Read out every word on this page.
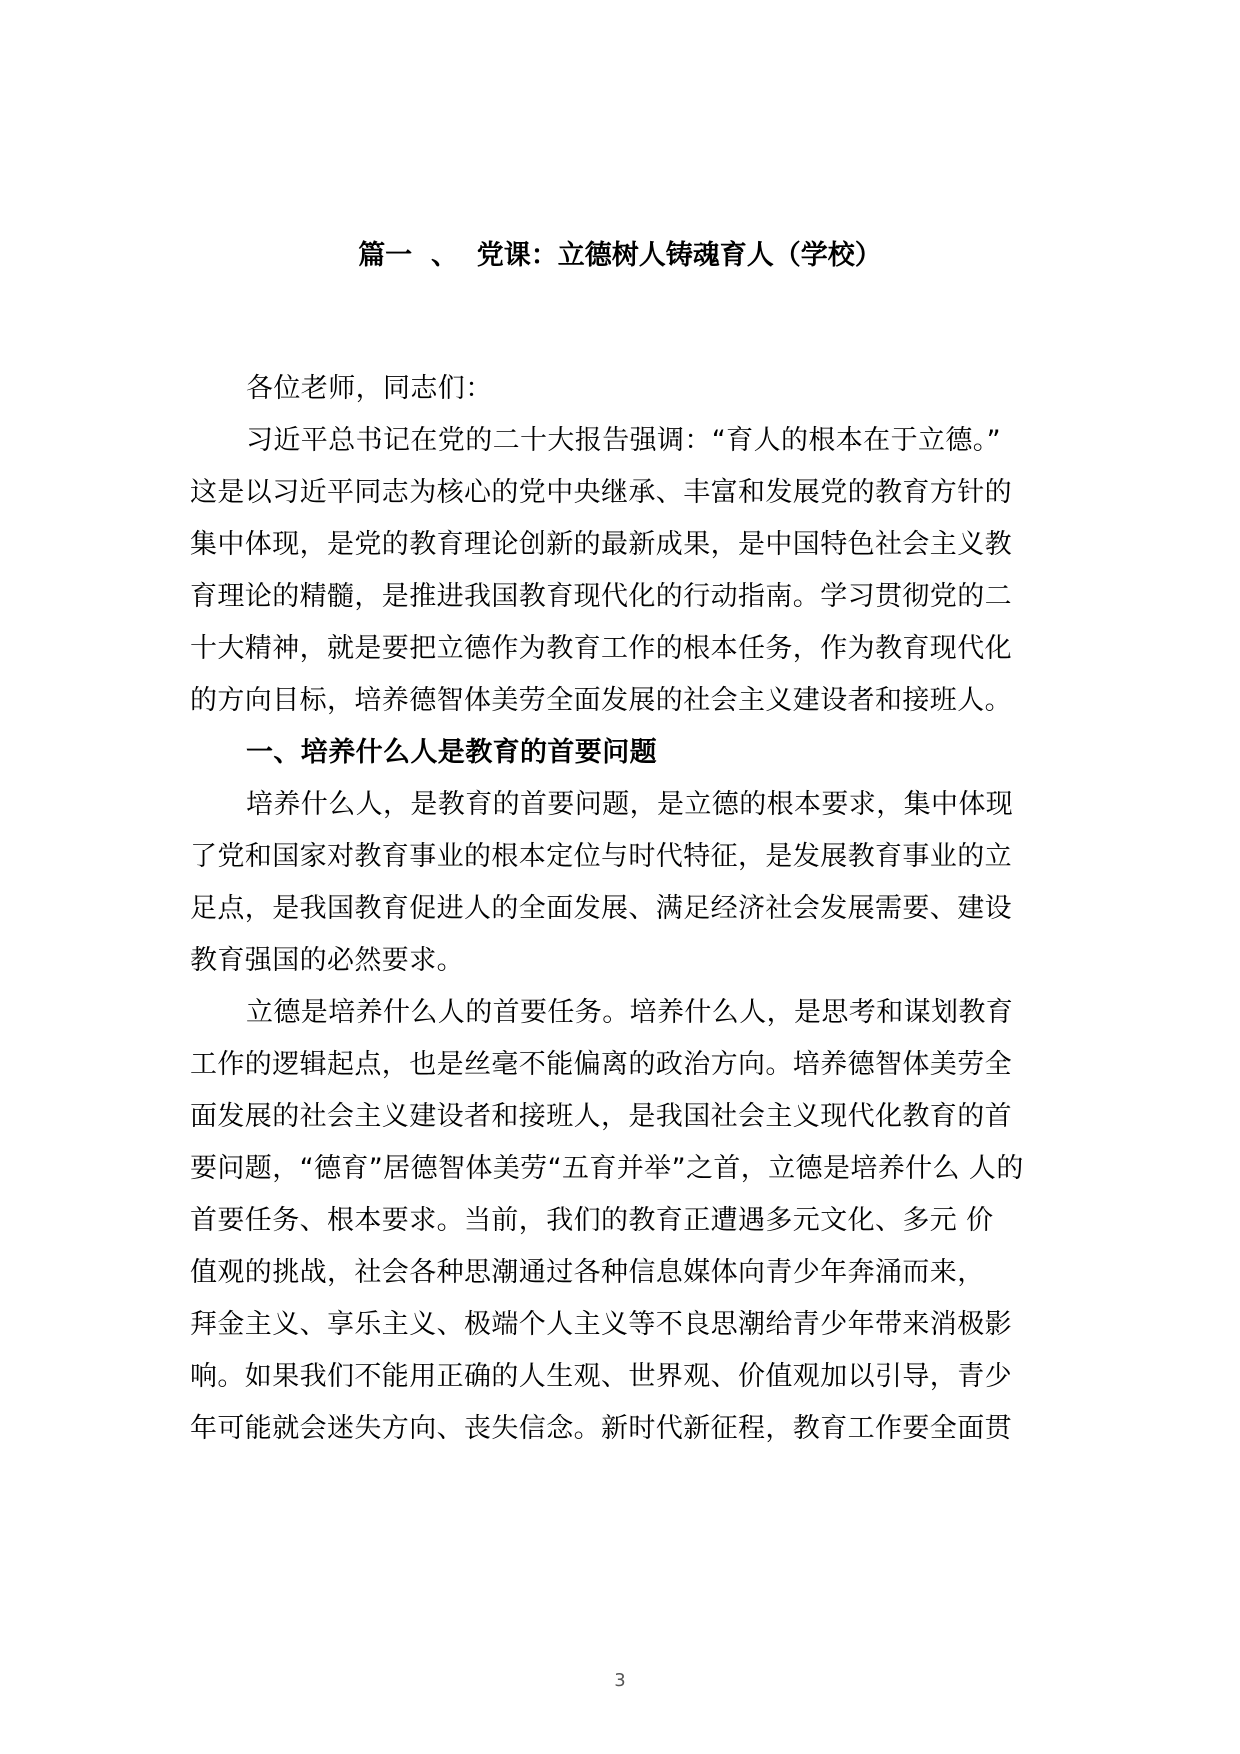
篇一  、  党课：立德树人铸魂育人（学校）
各位老师，同志们：
习近平总书记在党的二十大报告强调：“育人的根本在于立德。”
这是以习近平同志为核心的党中央继承、丰富和发展党的教育方针的
集中体现，是党的教育理论创新的最新成果，是中国特色社会主义教
育理论的精髓，是推进我国教育现代化的行动指南。学习贯彻党的二
十大精神，就是要把立德作为教育工作的根本任务，作为教育现代化
的方向目标，培养德智体美劳全面发展的社会主义建设者和接班人。
一、培养什么人是教育的首要问题
培养什么人，是教育的首要问题，是立德的根本要求，集中体现
了党和国家对教育事业的根本定位与时代特征，是发展教育事业的立
足点，是我国教育促进人的全面发展、满足经济社会发展需要、建设
教育强国的必然要求。
立德是培养什么人的首要任务。培养什么人，是思考和谋划教育
工作的逻辑起点，也是丝毫不能偏离的政治方向。培养德智体美劳全
面发展的社会主义建设者和接班人，是我国社会主义现代化教育的首
要问题，“德育”居德智体美劳“五育并举”之首，立德是培养什么 人的
首要任务、根本要求。当前，我们的教育正遭遇多元文化、多元 价
值观的挑战，社会各种思潮通过各种信息媒体向青少年奔涌而来，
拜金主义、享乐主义、极端个人主义等不良思潮给青少年带来消极影
响。如果我们不能用正确的人生观、世界观、价值观加以引导，青少
年可能就会迷失方向、丧失信念。新时代新征程，教育工作要全面贯
3
